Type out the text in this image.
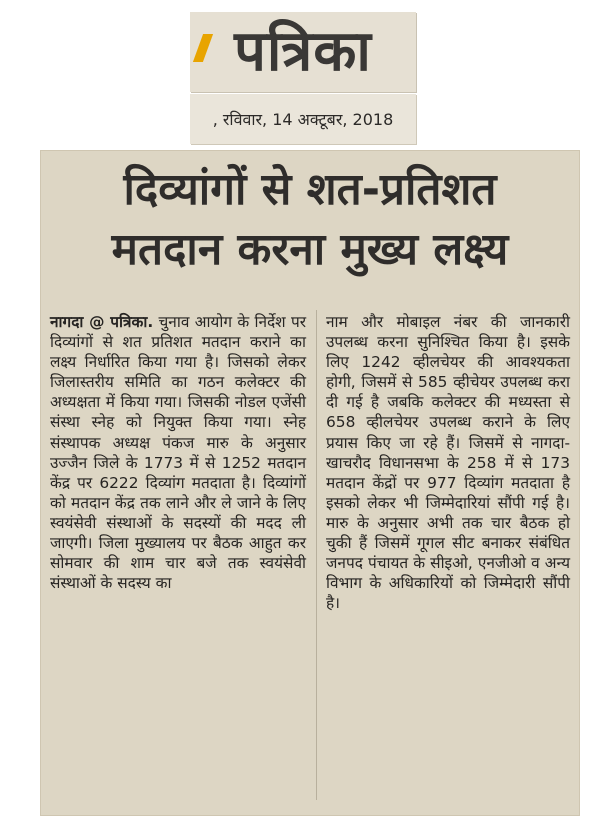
पत्रिका
, रविवार, 14 अक्टूबर, 2018
दिव्यांगों से शत-प्रतिशत
मतदान करना मुख्य लक्ष्य
नागदा @ पत्रिका. चुनाव आयोग के निर्देश पर दिव्यांगों से शत प्रतिशत मतदान कराने का लक्ष्य निर्धारित किया गया है। जिसको लेकर जिलास्तरीय समिति का गठन कलेक्टर की अध्यक्षता में किया गया। जिसकी नोडल एजेंसी संस्था स्नेह को नियुक्त किया गया। स्नेह संस्थापक अध्यक्ष पंकज मारु के अनुसार उज्जैन जिले के 1773 में से 1252 मतदान केंद्र पर 6222 दिव्यांग मतदाता है। दिव्यांगों को मतदान केंद्र तक लाने और ले जाने के लिए स्वयंसेवी संस्थाओं के सदस्यों की मदद ली जाएगी। जिला मुख्यालय पर बैठक आहुत कर सोमवार की शाम चार बजे तक स्वयंसेवी संस्थाओं के सदस्य का
नाम और मोबाइल नंबर की जानकारी उपलब्ध करना सुनिश्चित किया है। इसके लिए 1242 व्हीलचेयर की आवश्यकता होगी, जिसमें से 585 व्हीचेयर उपलब्ध करा दी गई है जबकि कलेक्टर की मध्यस्ता से 658 व्हीलचेयर उपलब्ध कराने के लिए प्रयास किए जा रहे हैं। जिसमें से नागदा-खाचरौद विधानसभा के 258 में से 173 मतदान केंद्रों पर 977 दिव्यांग मतदाता है इसको लेकर भी जिम्मेदारियां सौंपी गई है। मारु के अनुसार अभी तक चार बैठक हो चुकी हैं जिसमें गूगल सीट बनाकर संबंधित जनपद पंचायत के सीइओ, एनजीओ व अन्य विभाग के अधिकारियों को जिम्मेदारी सौंपी है।
